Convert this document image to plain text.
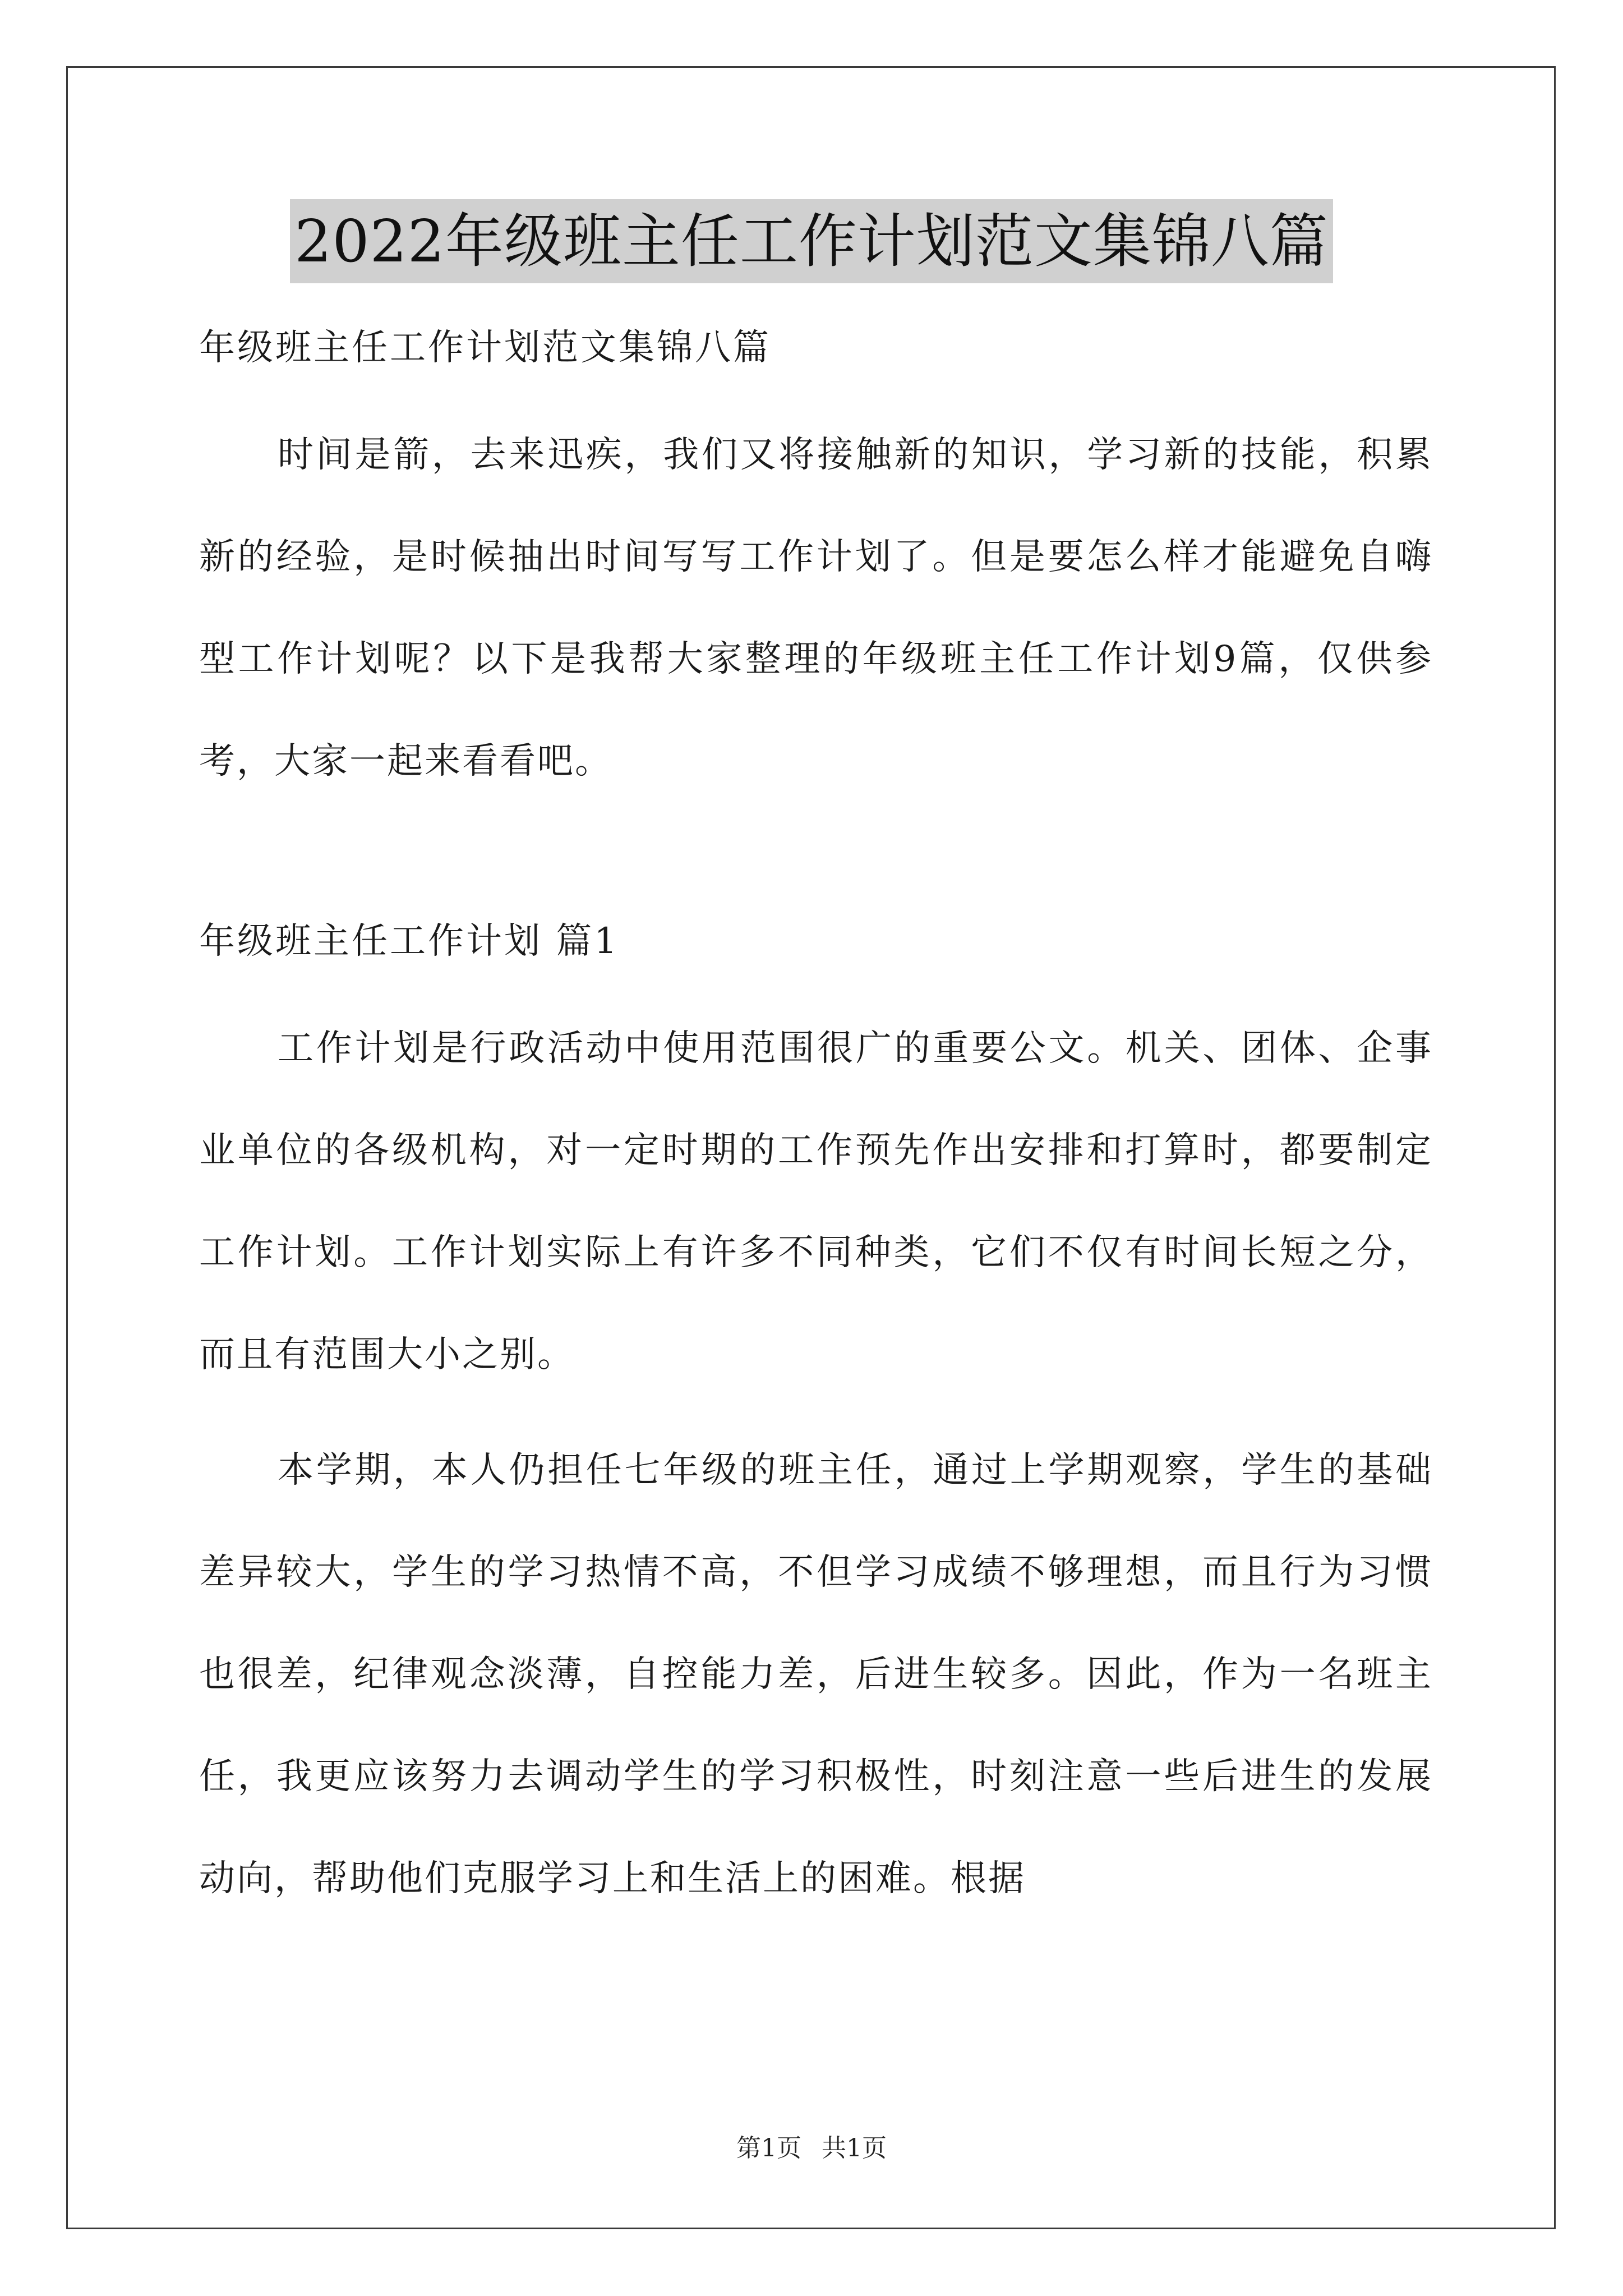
2022年级班主任工作计划范文集锦八篇

年级班主任工作计划范文集锦八篇

时间是箭，去来迅疾，我们又将接触新的知识，学习新的技能，积累新的经验，是时候抽出时间写写工作计划了。但是要怎么样才能避免自嗨型工作计划呢？以下是我帮大家整理的年级班主任工作计划9篇，仅供参考，大家一起来看看吧。

年级班主任工作计划 篇1

工作计划是行政活动中使用范围很广的重要公文。机关、团体、企事业单位的各级机构，对一定时期的工作预先作出安排和打算时，都要制定工作计划。工作计划实际上有许多不同种类，它们不仅有时间长短之分，而且有范围大小之别。

本学期，本人仍担任七年级的班主任，通过上学期观察，学生的基础差异较大，学生的学习热情不高，不但学习成绩不够理想，而且行为习惯也很差，纪律观念淡薄，自控能力差，后进生较多。因此，作为一名班主任，我更应该努力去调动学生的学习积极性，时刻注意一些后进生的发展动向，帮助他们克服学习上和生活上的困难。根据

第1页 共1页
